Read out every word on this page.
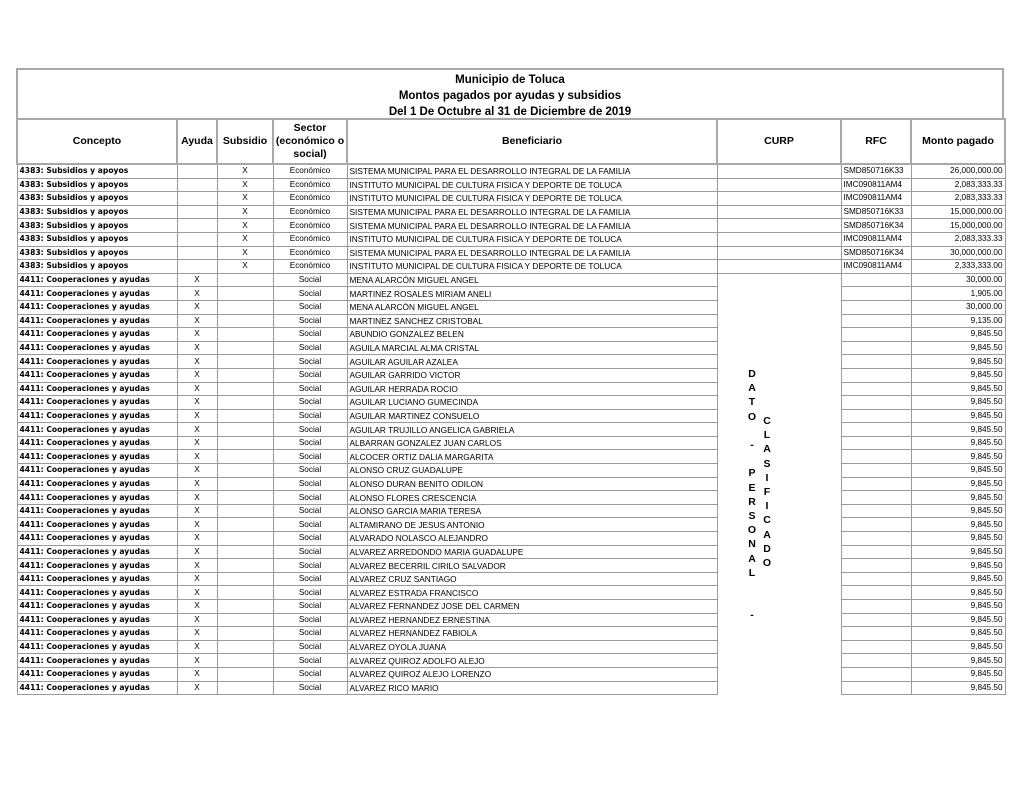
Municipio de Toluca
Montos pagados por ayudas y subsidios
Del 1 De Octubre al 31 de Diciembre de 2019
Concepto	Ayuda	Subsidio	Sector (económico o social)	Beneficiario	CURP	RFC	Monto pagado
4383: Subsidios y apoyos		X	Económico	SISTEMA MUNICIPAL PARA EL DESARROLLO INTEGRAL DE LA FAMILIA		SMD850716K33	26,000,000.00
4383: Subsidios y apoyos		X	Económico	INSTITUTO MUNICIPAL DE CULTURA FISICA Y DEPORTE DE TOLUCA		IMC090811AM4	2,083,333.33
4383: Subsidios y apoyos		X	Económico	INSTITUTO MUNICIPAL DE CULTURA FISICA Y DEPORTE DE TOLUCA		IMC090811AM4	2,083,333.33
4383: Subsidios y apoyos		X	Económico	SISTEMA MUNICIPAL PARA EL DESARROLLO INTEGRAL DE LA FAMILIA		SMD850716K33	15,000,000.00
4383: Subsidios y apoyos		X	Económico	SISTEMA MUNICIPAL PARA EL DESARROLLO INTEGRAL DE LA FAMILIA		SMD850716K34	15,000,000.00
4383: Subsidios y apoyos		X	Económico	INSTITUTO MUNICIPAL DE CULTURA FISICA Y DEPORTE DE TOLUCA		IMC090811AM4	2,083,333.33
4383: Subsidios y apoyos		X	Económico	SISTEMA MUNICIPAL PARA EL DESARROLLO INTEGRAL DE LA FAMILIA		SMD850716K34	30,000,000.00
4383: Subsidios y apoyos		X	Económico	INSTITUTO MUNICIPAL DE CULTURA FISICA Y DEPORTE DE TOLUCA		IMC090811AM4	2,333,333.00
4411: Cooperaciones y ayudas	X		Social	MENA ALARCÓN MIGUEL ANGEL			30,000.00
4411: Cooperaciones y ayudas	X		Social	MARTINEZ ROSALES MIRIAM ANELI			1,905.00
4411: Cooperaciones y ayudas	X		Social	MENA ALARCÓN MIGUEL ANGEL			30,000.00
4411: Cooperaciones y ayudas	X		Social	MARTINEZ SANCHEZ CRISTOBAL			9,135.00
4411: Cooperaciones y ayudas	X		Social	ABUNDIO GONZALEZ BELEN			9,845.50
4411: Cooperaciones y ayudas	X		Social	AGUILA MARCIAL ALMA CRISTAL			9,845.50
4411: Cooperaciones y ayudas	X		Social	AGUILAR AGUILAR AZALEA			9,845.50
4411: Cooperaciones y ayudas	X		Social	AGUILAR GARRIDO VICTOR			9,845.50
4411: Cooperaciones y ayudas	X		Social	AGUILAR HERRADA ROCIO			9,845.50
4411: Cooperaciones y ayudas	X		Social	AGUILAR LUCIANO GUMECINDA			9,845.50
4411: Cooperaciones y ayudas	X		Social	AGUILAR MARTINEZ CONSUELO			9,845.50
4411: Cooperaciones y ayudas	X		Social	AGUILAR TRUJILLO ANGELICA GABRIELA			9,845.50
4411: Cooperaciones y ayudas	X		Social	ALBARRAN GONZALEZ JUAN CARLOS			9,845.50
4411: Cooperaciones y ayudas	X		Social	ALCOCER ORTIZ DALIA MARGARITA			9,845.50
4411: Cooperaciones y ayudas	X		Social	ALONSO CRUZ GUADALUPE			9,845.50
4411: Cooperaciones y ayudas	X		Social	ALONSO DURAN BENITO ODILON			9,845.50
4411: Cooperaciones y ayudas	X		Social	ALONSO FLORES CRESCENCIA			9,845.50
4411: Cooperaciones y ayudas	X		Social	ALONSO GARCIA MARIA TERESA			9,845.50
4411: Cooperaciones y ayudas	X		Social	ALTAMIRANO DE JESUS ANTONIO			9,845.50
4411: Cooperaciones y ayudas	X		Social	ALVARADO NOLASCO ALEJANDRO			9,845.50
4411: Cooperaciones y ayudas	X		Social	ALVAREZ ARREDONDO MARIA GUADALUPE			9,845.50
4411: Cooperaciones y ayudas	X		Social	ALVAREZ BECERRIL CIRILO SALVADOR			9,845.50
4411: Cooperaciones y ayudas	X		Social	ALVAREZ CRUZ SANTIAGO			9,845.50
4411: Cooperaciones y ayudas	X		Social	ALVAREZ ESTRADA FRANCISCO			9,845.50
4411: Cooperaciones y ayudas	X		Social	ALVAREZ FERNANDEZ JOSE DEL CARMEN			9,845.50
4411: Cooperaciones y ayudas	X		Social	ALVAREZ HERNANDEZ ERNESTINA			9,845.50
4411: Cooperaciones y ayudas	X		Social	ALVAREZ HERNANDEZ FABIOLA			9,845.50
4411: Cooperaciones y ayudas	X		Social	ALVAREZ OYOLA JUANA			9,845.50
4411: Cooperaciones y ayudas	X		Social	ALVAREZ QUIROZ ADOLFO ALEJO			9,845.50
4411: Cooperaciones y ayudas	X		Social	ALVAREZ QUIROZ ALEJO LORENZO			9,845.50
4411: Cooperaciones y ayudas	X		Social	ALVAREZ RICO MARIO			9,845.50
D
A
T
O

-

P
E
R
S
O
N
A
L

-
C
L
A
S
I
F
I
C
A
D
O
